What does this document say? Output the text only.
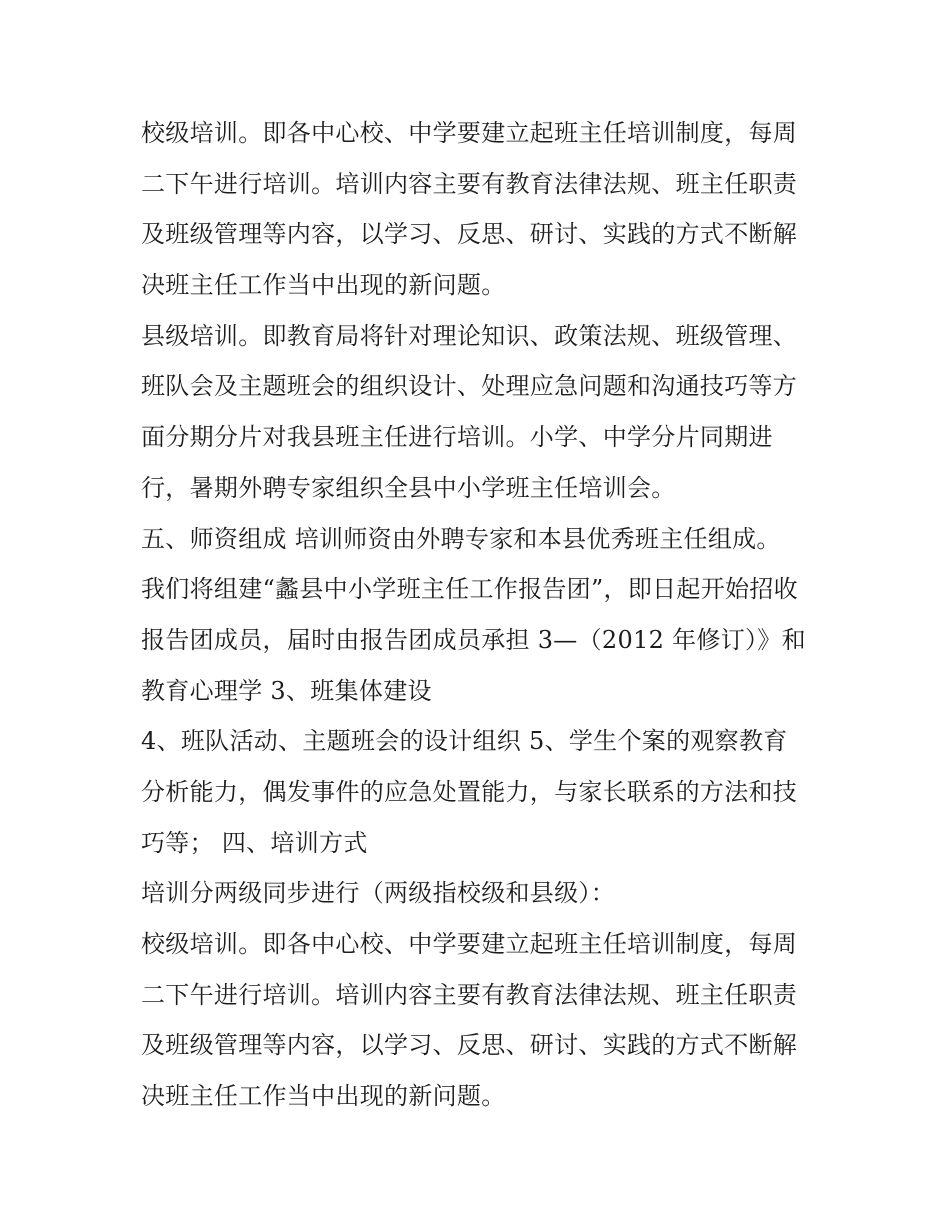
校级培训。即各中心校、中学要建立起班主任培训制度，每周
二下午进行培训。培训内容主要有教育法律法规、班主任职责
及班级管理等内容，以学习、反思、研讨、实践的方式不断解
决班主任工作当中出现的新问题。
县级培训。即教育局将针对理论知识、政策法规、班级管理、
班队会及主题班会的组织设计、处理应急问题和沟通技巧等方
面分期分片对我县班主任进行培训。小学、中学分片同期进
行，暑期外聘专家组织全县中小学班主任培训会。
五、师资组成 培训师资由外聘专家和本县优秀班主任组成。
我们将组建“蠡县中小学班主任工作报告团”，即日起开始招收
报告团成员，届时由报告团成员承担 3—（2012 年修订）》和
教育心理学 3、班集体建设
4、班队活动、主题班会的设计组织 5、学生个案的观察教育
分析能力，偶发事件的应急处置能力，与家长联系的方法和技
巧等； 四、培训方式
培训分两级同步进行（两级指校级和县级）：
校级培训。即各中心校、中学要建立起班主任培训制度，每周
二下午进行培训。培训内容主要有教育法律法规、班主任职责
及班级管理等内容，以学习、反思、研讨、实践的方式不断解
决班主任工作当中出现的新问题。
